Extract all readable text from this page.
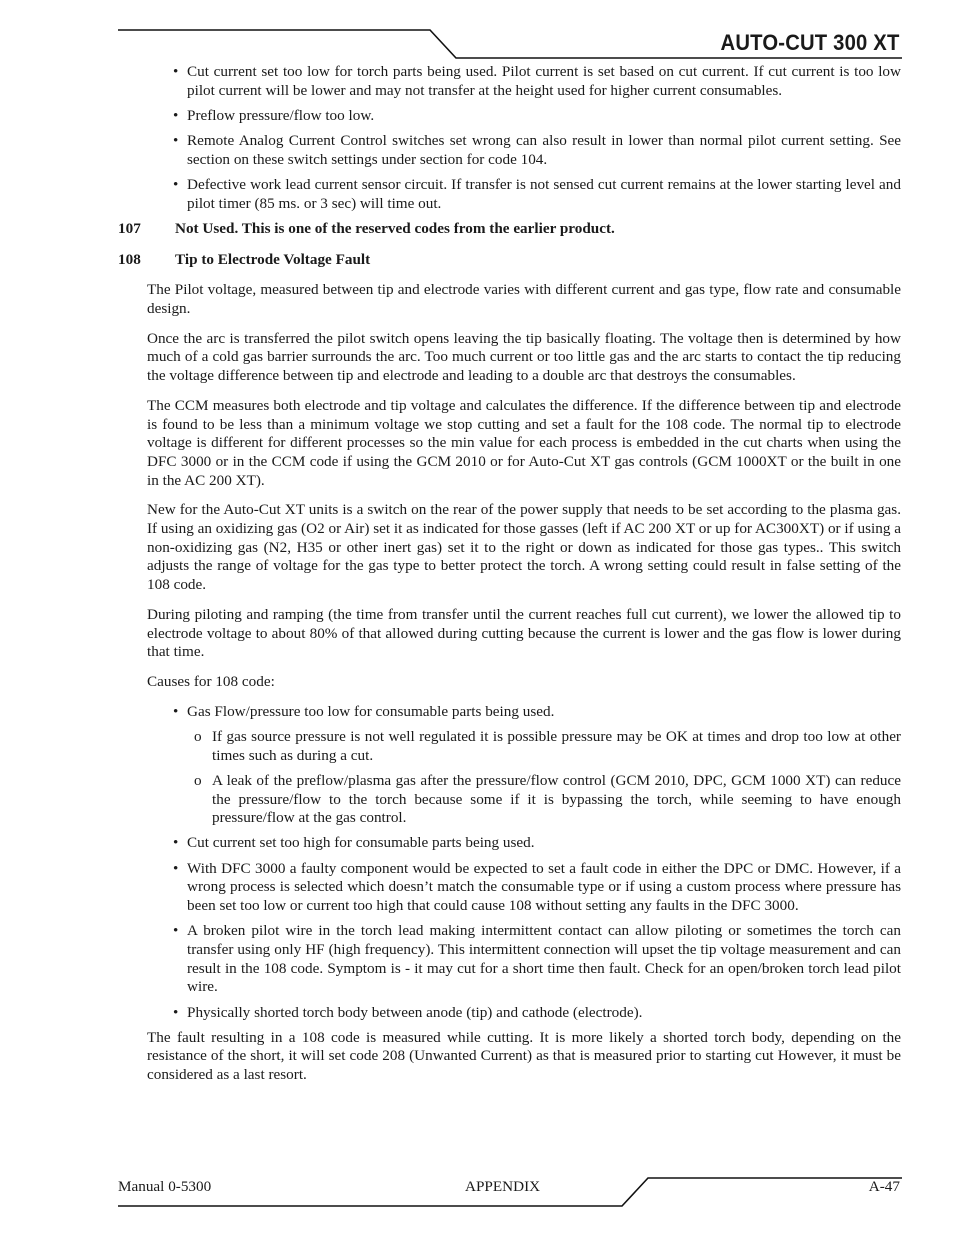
AUTO-CUT 300 XT
• Cut current set too low for torch parts being used. Pilot current is set based on cut current. If cut current is too low pilot current will be lower and may not transfer at the height used for higher current consumables.
• Preflow pressure/flow too low.
• Remote Analog Current Control switches set wrong can also result in lower than normal pilot current setting. See section on these switch settings under section for code 104.
• Defective work lead current sensor circuit. If transfer is not sensed cut current remains at the lower starting level and pilot timer (85 ms. or 3 sec) will time out.
107	Not Used. This is one of the reserved codes from the earlier product.
108	Tip to Electrode Voltage Fault

The Pilot voltage, measured between tip and electrode varies with different current and gas type, flow rate and consumable design.

Once the arc is transferred the pilot switch opens leaving the tip basically floating. The voltage then is determined by how much of a cold gas barrier surrounds the arc. Too much current or too little gas and the arc starts to contact the tip reducing the voltage difference between tip and electrode and leading to a double arc that destroys the consumables.

The CCM measures both electrode and tip voltage and calculates the difference. If the difference between tip and electrode is found to be less than a minimum voltage we stop cutting and set a fault for the 108 code. The normal tip to electrode voltage is different for different processes so the min value for each process is embedded in the cut charts when using the DFC 3000 or in the CCM code if using the GCM 2010 or for Auto-Cut XT gas controls (GCM 1000XT or the built in one in the AC 200 XT).

New for the Auto-Cut XT units is a switch on the rear of the power supply that needs to be set according to the plasma gas. If using an oxidizing gas (O2 or Air) set it as indicated for those gasses (left if AC 200 XT or up for AC300XT) or if using a non-oxidizing gas (N2, H35 or other inert gas) set it to the right or down as indicated for those gas types.. This switch adjusts the range of voltage for the gas type to better protect the torch. A wrong setting could result in false setting of the 108 code.

During piloting and ramping (the time from transfer until the current reaches full cut current), we lower the allowed tip to electrode voltage to about 80% of that allowed during cutting because the current is lower and the gas flow is lower during that time.

Causes for 108 code:

• Gas Flow/pressure too low for consumable parts being used.
o If gas source pressure is not well regulated it is possible pressure may be OK at times and drop too low at other times such as during a cut.
o A leak of the preflow/plasma gas after the pressure/flow control (GCM 2010, DPC, GCM 1000 XT) can reduce the pressure/flow to the torch because some if it is bypassing the torch, while seeming to have enough pressure/flow at the gas control.
• Cut current set too high for consumable parts being used.
• With DFC 3000 a faulty component would be expected to set a fault code in either the DPC or DMC. However, if a wrong process is selected which doesn’t match the consumable type or if using a custom process where pressure has been set too low or current too high that could cause 108 without setting any faults in the DFC 3000.
• A broken pilot wire in the torch lead making intermittent contact can allow piloting or sometimes the torch can transfer using only HF (high frequency). This intermittent connection will upset the tip voltage measurement and can result in the 108 code. Symptom is - it may cut for a short time then fault. Check for an open/broken torch lead pilot wire.
• Physically shorted torch body between anode (tip) and cathode (electrode).

The fault resulting in a 108 code is measured while cutting. It is more likely a shorted torch body, depending on the resistance of the short, it will set code 208 (Unwanted Current) as that is measured prior to starting cut However, it must be considered as a last resort.

Manual 0-5300	APPENDIX	A-47
